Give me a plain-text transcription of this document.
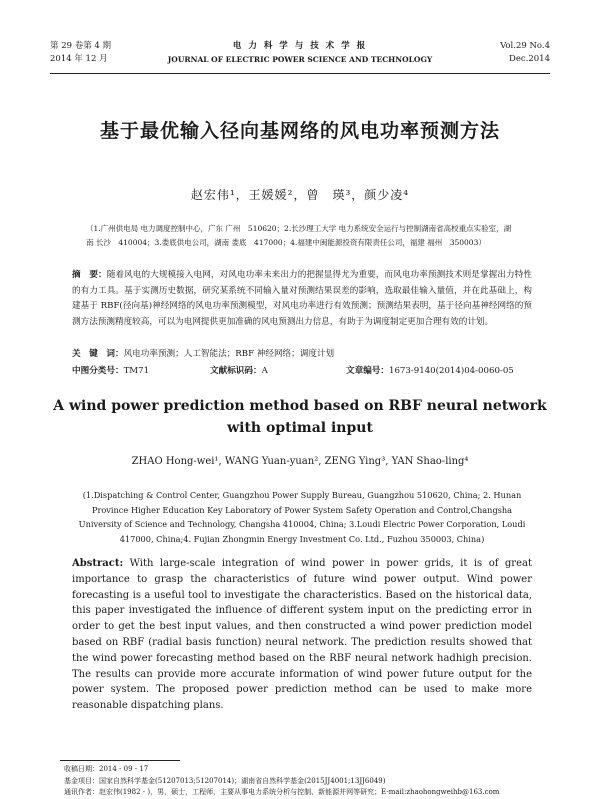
第 29 卷第 4 期
2014 年 12 月
电 力 科 学 与 技 术 学 报
JOURNAL OF ELECTRIC POWER SCIENCE AND TECHNOLOGY
Vol.29 No.4
Dec.2014
基于最优输入径向基网络的风电功率预测方法
赵宏伟¹，王媛媛²，曾　瑛³，颜少凌⁴
（1.广州供电局 电力调度控制中心，广东 广州　510620；2.长沙理工大学 电力系统安全运行与控制湖南省高校重点实验室，湖南 长沙　410004；3.娄底供电公司，湖南 娄底　417000；4.福建中闽能源投资有限责任公司，福建 福州　350003）
摘　要：随着风电的大规模接入电网，对风电功率未来出力的把握显得尤为重要，而风电功率预测技术则是掌握出力特性的有力工具。基于实测历史数据，研究某系统不同输入量对预测结果误差的影响，选取最佳输入量值，并在此基础上，构建基于 RBF(径向基)神经网络的风电功率预测模型，对风电功率进行有效预测；预测结果表明，基于径向基神经网络的预测方法预测精度较高，可以为电网提供更加准确的风电预测出力信息，有助于为调度制定更加合理有效的计划。
关　键　词：风电功率预测；人工智能法；RBF 神经网络；调度计划
中图分类号：TM71	文献标识码：A	文章编号：1673-9140(2014)04-0060-05
A wind power prediction method based on RBF neural network
with optimal input
ZHAO Hong-wei¹, WANG Yuan-yuan², ZENG Ying³, YAN Shao-ling⁴
(1.Dispatching & Control Center, Guangzhou Power Supply Bureau, Guangzhou 510620, China; 2. Hunan Province Higher Education Key Laboratory of Power System Safety Operation and Control,Changsha University of Science and Technology, Changsha 410004, China; 3.Loudi Electric Power Corporation, Loudi 417000, China;4. Fujian Zhongmin Energy Investment Co. Ltd., Fuzhou 350003, China)
Abstract: With large-scale integration of wind power in power grids, it is of great importance to grasp the characteristics of future wind power output. Wind power forecasting is a useful tool to investigate the characteristics. Based on the historical data, this paper investigated the influence of different system input on the predicting error in order to get the best input values, and then constructed a wind power prediction model based on RBF (radial basis function) neural network. The prediction results showed that the wind power forecasting method based on the RBF neural network hadhigh precision. The results can provide more accurate information of wind power future output for the power system. The proposed power prediction method can be used to make more reasonable dispatching plans.
收稿日期：2014 - 09 - 17
基金项目：国家自然科学基金(51207013;51207014)；湖南省自然科学基金(2015JJ4001;13JJ6049)
通讯作者：赵宏伟(1982 - )，男，硕士，工程师，主要从事电力系统分析与控制、新能源并网等研究；E-mail:zhaohongweihb@163.com
